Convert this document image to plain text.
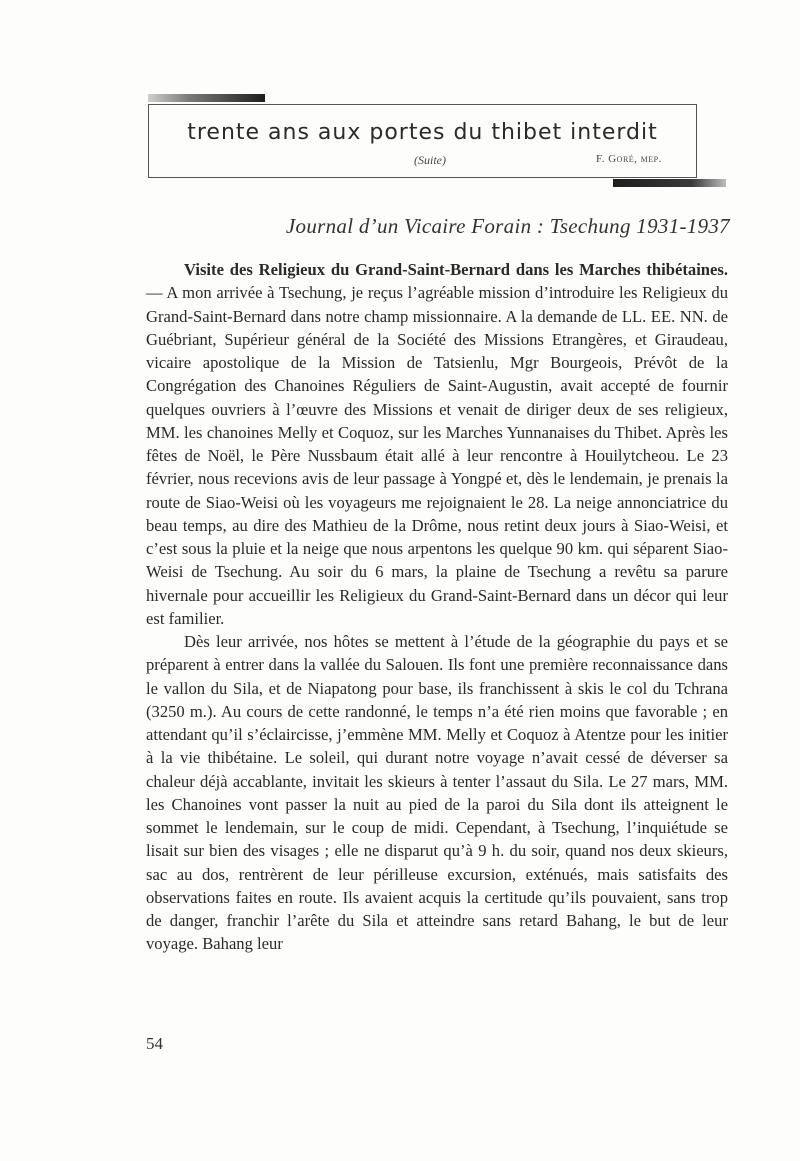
trente ans aux portes du thibet interdit
(Suite)	F. Goré, mep.
Journal d’un Vicaire Forain : Tsechung 1931-1937

Visite des Religieux du Grand-Saint-Bernard dans les Marches thibétaines. — A mon arrivée à Tsechung, je reçus l’agréable mission d’introduire les Religieux du Grand-Saint-Bernard dans notre champ missionnaire. A la demande de LL. EE. NN. de Guébriant, Supérieur général de la Société des Missions Etrangères, et Giraudeau, vicaire apostolique de la Mission de Tatsienlu, Mgr Bourgeois, Prévôt de la Congrégation des Chanoines Réguliers de Saint-Augustin, avait accepté de fournir quelques ouvriers à l’œuvre des Missions et venait de diriger deux de ses religieux, MM. les chanoines Melly et Coquoz, sur les Marches Yunnanaises du Thibet. Après les fêtes de Noël, le Père Nussbaum était allé à leur rencontre à Houilytcheou. Le 23 février, nous recevions avis de leur passage à Yongpé et, dès le lendemain, je prenais la route de Siao-Weisi où les voyageurs me rejoignaient le 28. La neige annonciatrice du beau temps, au dire des Mathieu de la Drôme, nous retint deux jours à Siao-Weisi, et c’est sous la pluie et la neige que nous arpentons les quelque 90 km. qui séparent Siao-Weisi de Tsechung. Au soir du 6 mars, la plaine de Tsechung a revêtu sa parure hivernale pour accueillir les Religieux du Grand-Saint-Bernard dans un décor qui leur est familier.

Dès leur arrivée, nos hôtes se mettent à l’étude de la géographie du pays et se préparent à entrer dans la vallée du Salouen. Ils font une première reconnaissance dans le vallon du Sila, et de Niapatong pour base, ils franchissent à skis le col du Tchrana (3250 m.). Au cours de cette randonné, le temps n’a été rien moins que favorable ; en attendant qu’il s’éclaircisse, j’emmène MM. Melly et Coquoz à Atentze pour les initier à la vie thibétaine. Le soleil, qui durant notre voyage n’avait cessé de déverser sa chaleur déjà accablante, invitait les skieurs à tenter l’assaut du Sila. Le 27 mars, MM. les Chanoines vont passer la nuit au pied de la paroi du Sila dont ils atteignent le sommet le lendemain, sur le coup de midi. Cependant, à Tsechung, l’inquiétude se lisait sur bien des visages ; elle ne disparut qu’à 9 h. du soir, quand nos deux skieurs, sac au dos, rentrèrent de leur périlleuse excursion, exténués, mais satisfaits des observations faites en route. Ils avaient acquis la certitude qu’ils pouvaient, sans trop de danger, franchir l’arête du Sila et atteindre sans retard Bahang, le but de leur voyage. Bahang leur

54
